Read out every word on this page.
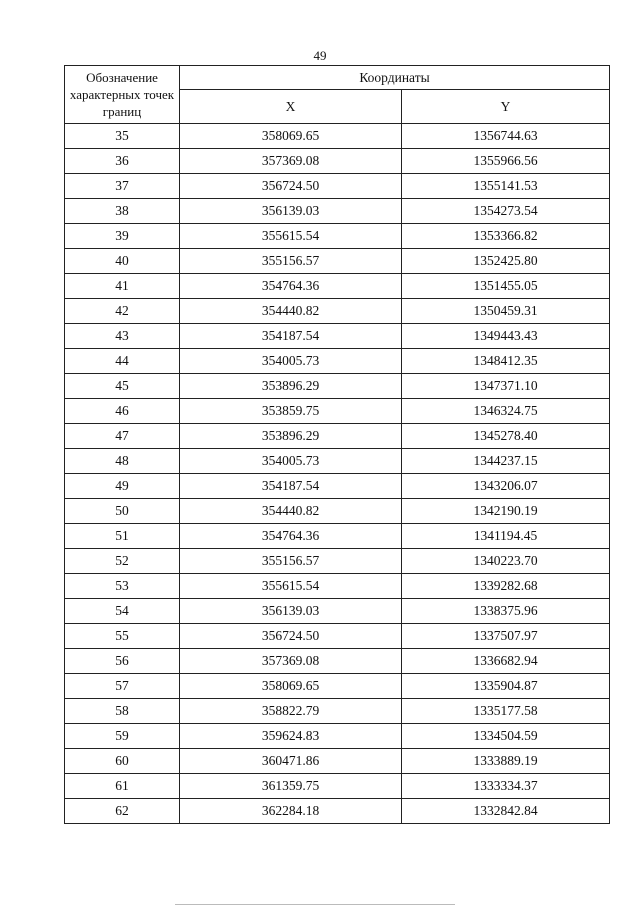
49
Обозначение характерных точек границ	Координаты	
	X	Y
35	358069.65	1356744.63
36	357369.08	1355966.56
37	356724.50	1355141.53
38	356139.03	1354273.54
39	355615.54	1353366.82
40	355156.57	1352425.80
41	354764.36	1351455.05
42	354440.82	1350459.31
43	354187.54	1349443.43
44	354005.73	1348412.35
45	353896.29	1347371.10
46	353859.75	1346324.75
47	353896.29	1345278.40
48	354005.73	1344237.15
49	354187.54	1343206.07
50	354440.82	1342190.19
51	354764.36	1341194.45
52	355156.57	1340223.70
53	355615.54	1339282.68
54	356139.03	1338375.96
55	356724.50	1337507.97
56	357369.08	1336682.94
57	358069.65	1335904.87
58	358822.79	1335177.58
59	359624.83	1334504.59
60	360471.86	1333889.19
61	361359.75	1333334.37
62	362284.18	1332842.84
